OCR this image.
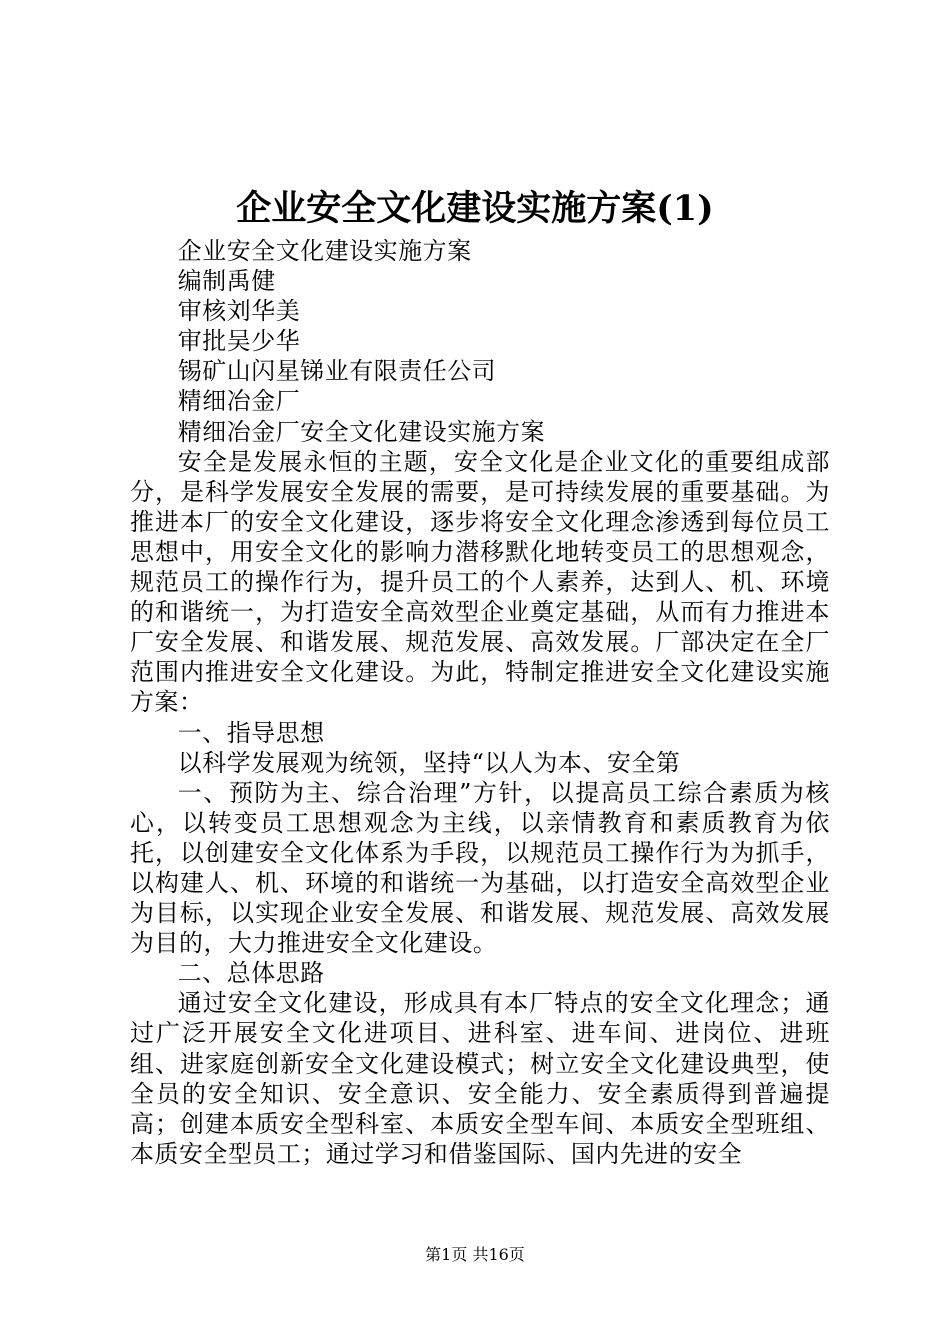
企业安全文化建设实施方案(1)

企业安全文化建设实施方案

编制禹健

审核刘华美

审批吴少华

锡矿山闪星锑业有限责任公司

精细冶金厂

精细冶金厂安全文化建设实施方案

安全是发展永恒的主题，安全文化是企业文化的重要组成部分，是科学发展安全发展的需要，是可持续发展的重要基础。为推进本厂的安全文化建设，逐步将安全文化理念渗透到每位员工思想中，用安全文化的影响力潜移默化地转变员工的思想观念，规范员工的操作行为，提升员工的个人素养，达到人、机、环境的和谐统一，为打造安全高效型企业奠定基础，从而有力推进本厂安全发展、和谐发展、规范发展、高效发展。厂部决定在全厂范围内推进安全文化建设。为此，特制定推进安全文化建设实施方案：

一、指导思想

以科学发展观为统领，坚持“以人为本、安全第

一、预防为主、综合治理”方针，以提高员工综合素质为核心，以转变员工思想观念为主线，以亲情教育和素质教育为依托，以创建安全文化体系为手段，以规范员工操作行为为抓手，以构建人、机、环境的和谐统一为基础，以打造安全高效型企业为目标，以实现企业安全发展、和谐发展、规范发展、高效发展为目的，大力推进安全文化建设。

二、总体思路

通过安全文化建设，形成具有本厂特点的安全文化理念；通过广泛开展安全文化进项目、进科室、进车间、进岗位、进班组、进家庭创新安全文化建设模式；树立安全文化建设典型，使全员的安全知识、安全意识、安全能力、安全素质得到普遍提高；创建本质安全型科室、本质安全型车间、本质安全型班组、本质安全型员工；通过学习和借鉴国际、国内先进的安全

第1页 共16页
